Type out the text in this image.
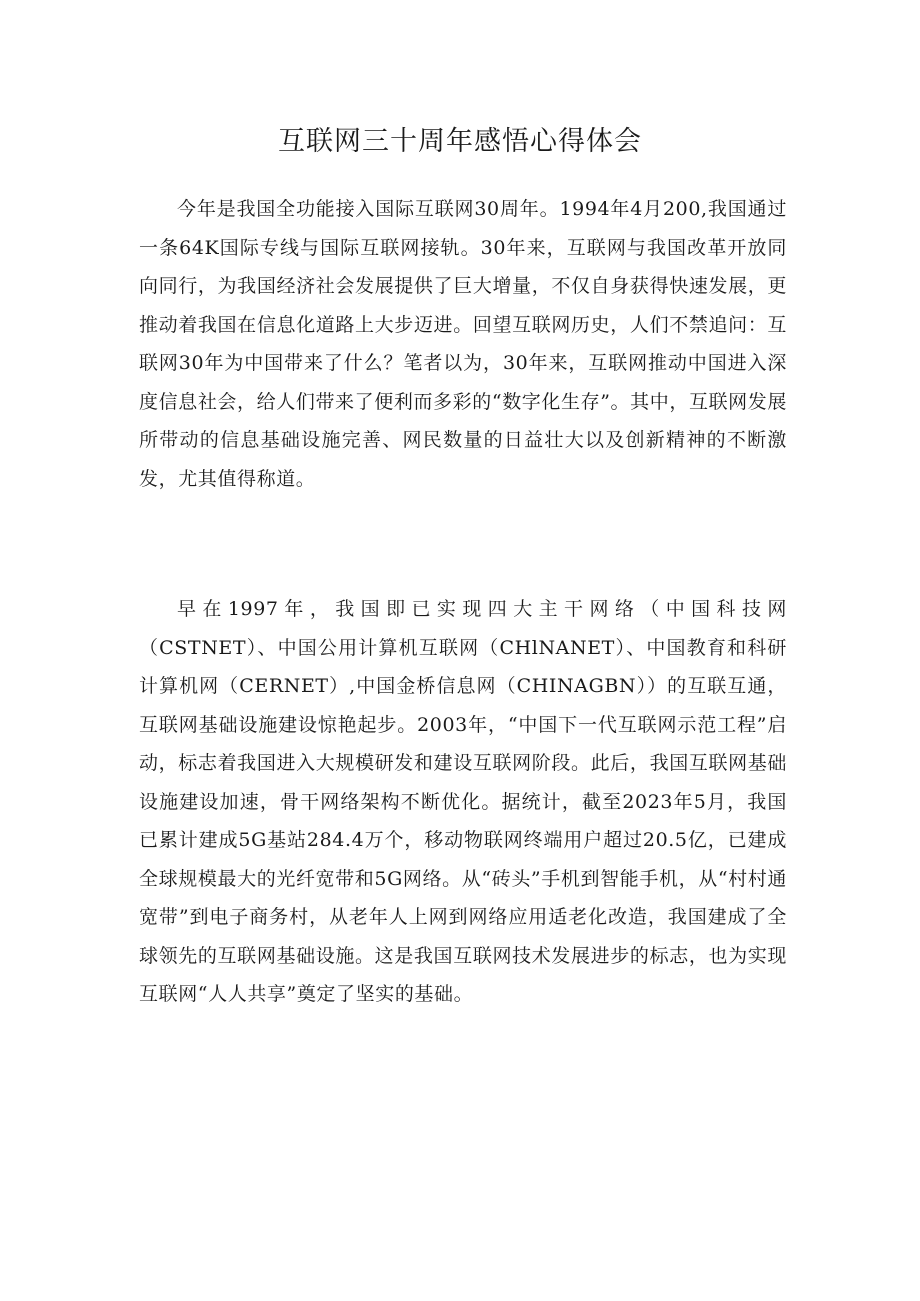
互联网三十周年感悟心得体会

今年是我国全功能接入国际互联网30周年。1994年4月200,我国通过一条64K国际专线与国际互联网接轨。30年来，互联网与我国改革开放同向同行，为我国经济社会发展提供了巨大增量，不仅自身获得快速发展，更推动着我国在信息化道路上大步迈进。回望互联网历史，人们不禁追问：互联网30年为中国带来了什么？笔者以为，30年来，互联网推动中国进入深度信息社会，给人们带来了便利而多彩的“数字化生存”。其中，互联网发展所带动的信息基础设施完善、网民数量的日益壮大以及创新精神的不断激发，尤其值得称道。

早在1997年，我国即已实现四大主干网络（中国科技网（CSTNET）、中国公用计算机互联网（CHlNANET）、中国教育和科研计算机网（CERNET）,中国金桥信息网（CHINAGBN））的互联互通，互联网基础设施建设惊艳起步。2003年，“中国下一代互联网示范工程”启动，标志着我国进入大规模研发和建设互联网阶段。此后，我国互联网基础设施建设加速，骨干网络架构不断优化。据统计，截至2023年5月，我国已累计建成5G基站284.4万个，移动物联网终端用户超过20.5亿，已建成全球规模最大的光纤宽带和5G网络。从“砖头”手机到智能手机，从“村村通宽带”到电子商务村，从老年人上网到网络应用适老化改造，我国建成了全球领先的互联网基础设施。这是我国互联网技术发展进步的标志，也为实现互联网“人人共享”奠定了坚实的基础。
